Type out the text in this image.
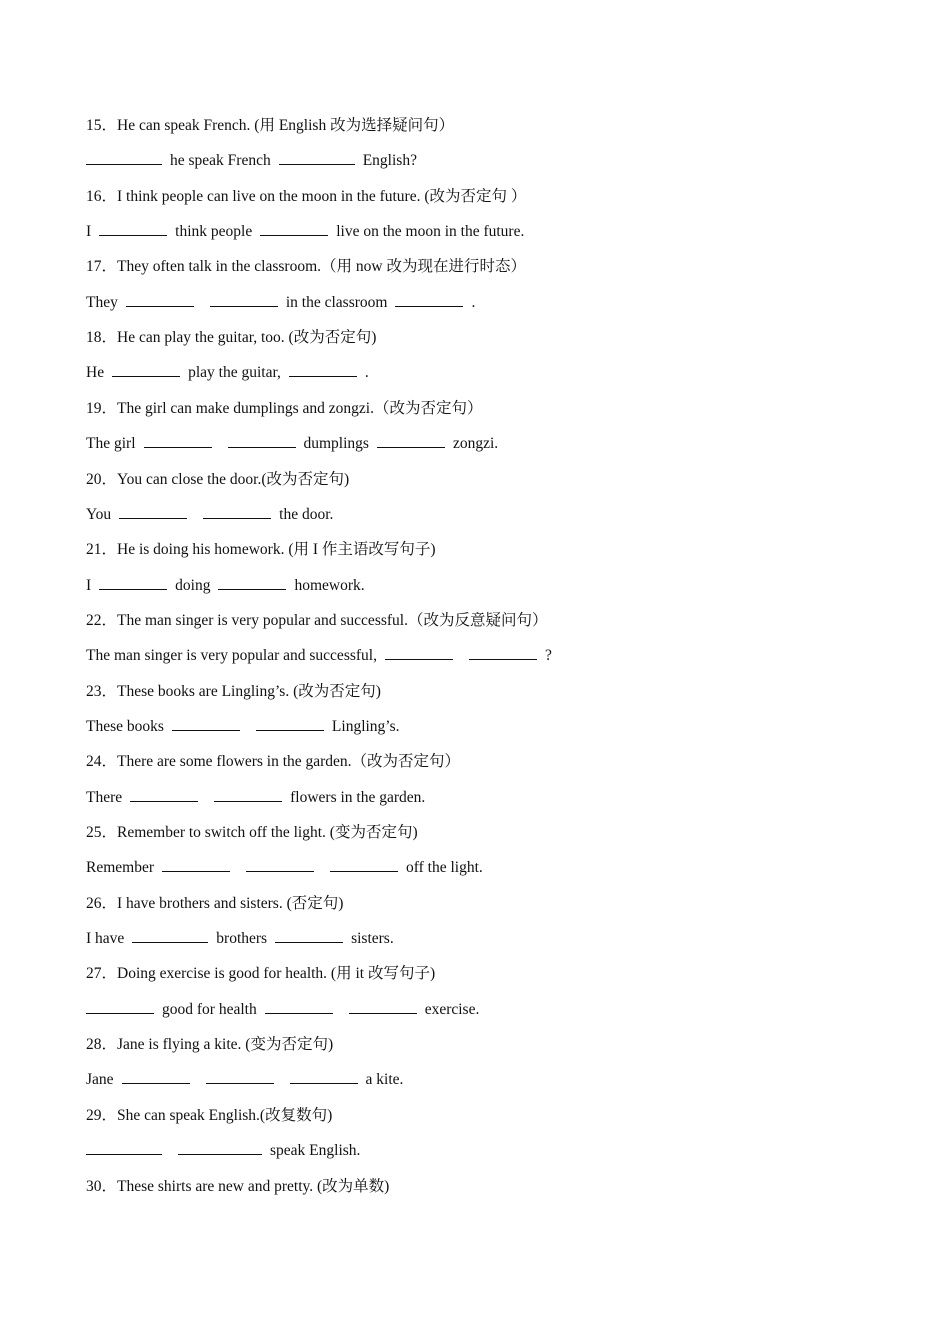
15．He can speak French. (用 English 改为选择疑问句）
he speak French	English?
16．I think people can live on the moon in the future. (改为否定句 ）
I	think people	live on the moon in the future.
17．They often talk in the classroom.（用 now 改为现在进行时态）
They	in the classroom	.
18．He can play the guitar, too. (改为否定句)
He	play the guitar,	.
19．The girl can make dumplings and zongzi.（改为否定句）
The girl	dumplings	zongzi.
20．You can close the door.(改为否定句)
You	the door.
21．He is doing his homework. (用 I 作主语改写句子)
I	doing	homework.
22．The man singer is very popular and successful.（改为反意疑问句）
The man singer is very popular and successful,	?
23．These books are Lingling’s. (改为否定句)
These books	Lingling’s.
24．There are some flowers in the garden.（改为否定句）
There	flowers in the garden.
25．Remember to switch off the light. (变为否定句)
Remember	off the light.
26．I have brothers and sisters. (否定句)
I have	brothers	sisters.
27．Doing exercise is good for health. (用 it 改写句子)
good for health	exercise.
28．Jane is flying a kite. (变为否定句)
Jane	a kite.
29．She can speak English.(改复数句)
speak English.
30．These shirts are new and pretty. (改为单数)
